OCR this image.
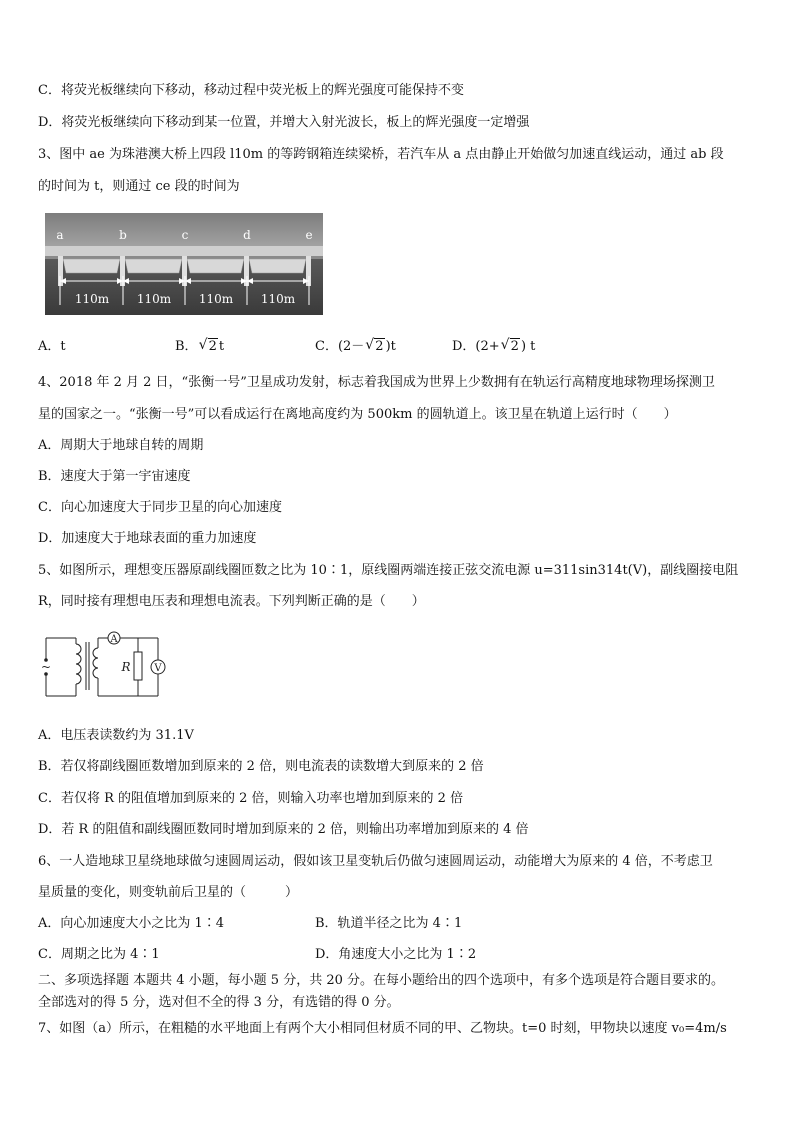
C．将荧光板继续向下移动，移动过程中荧光板上的辉光强度可能保持不变
D．将荧光板继续向下移动到某一位置，并增大入射光波长，板上的辉光强度一定增强
3、图中 ae 为珠港澳大桥上四段 l10m 的等跨钢箱连续梁桥，若汽车从 a 点由静止开始做匀加速直线运动，通过 ab 段
的时间为 t，则通过 ce 段的时间为
a	b	c	d	e
110m 110m 110m 110m
A．t	B． √ 2 t	C．(2－ √ 2 )t	D．(2+ √ 2 ) t
4、2018 年 2 月 2 日，“张衡一号”卫星成功发射，标志着我国成为世界上少数拥有在轨运行高精度地球物理场探测卫
星的国家之一。“张衡一号”可以看成运行在离地高度约为 500km 的圆轨道上。该卫星在轨道上运行时（　　）
A．周期大于地球自转的周期
B．速度大于第一宇宙速度
C．向心加速度大于同步卫星的向心加速度
D．加速度大于地球表面的重力加速度
5、如图所示，理想变压器原副线圈匝数之比为 10∶1，原线圈两端连接正弦交流电源 u=311sin314t(V)，副线圈接电阻
R，同时接有理想电压表和理想电流表。下列判断正确的是（　　）
~
A
R V
A．电压表读数约为 31.1V
B．若仅将副线圈匝数增加到原来的 2 倍，则电流表的读数增大到原来的 2 倍
C．若仅将 R 的阻值增加到原来的 2 倍，则输入功率也增加到原来的 2 倍
D．若 R 的阻值和副线圈匝数同时增加到原来的 2 倍，则输出功率增加到原来的 4 倍
6、一人造地球卫星绕地球做匀速圆周运动，假如该卫星变轨后仍做匀速圆周运动，动能增大为原来的 4 倍，不考虑卫
星质量的变化，则变轨前后卫星的（　　　）
A．向心加速度大小之比为 1∶4	B．轨道半径之比为 4∶1
C．周期之比为 4∶1	D．角速度大小之比为 1∶2
二、多项选择题 本题共 4 小题，每小题 5 分，共 20 分。在每小题给出的四个选项中，有多个选项是符合题目要求的。
全部选对的得 5 分，选对但不全的得 3 分，有选错的得 0 分。
7、如图（a）所示，在粗糙的水平地面上有两个大小相同但材质不同的甲、乙物块。t=0 时刻，甲物块以速度 v₀=4m/s
